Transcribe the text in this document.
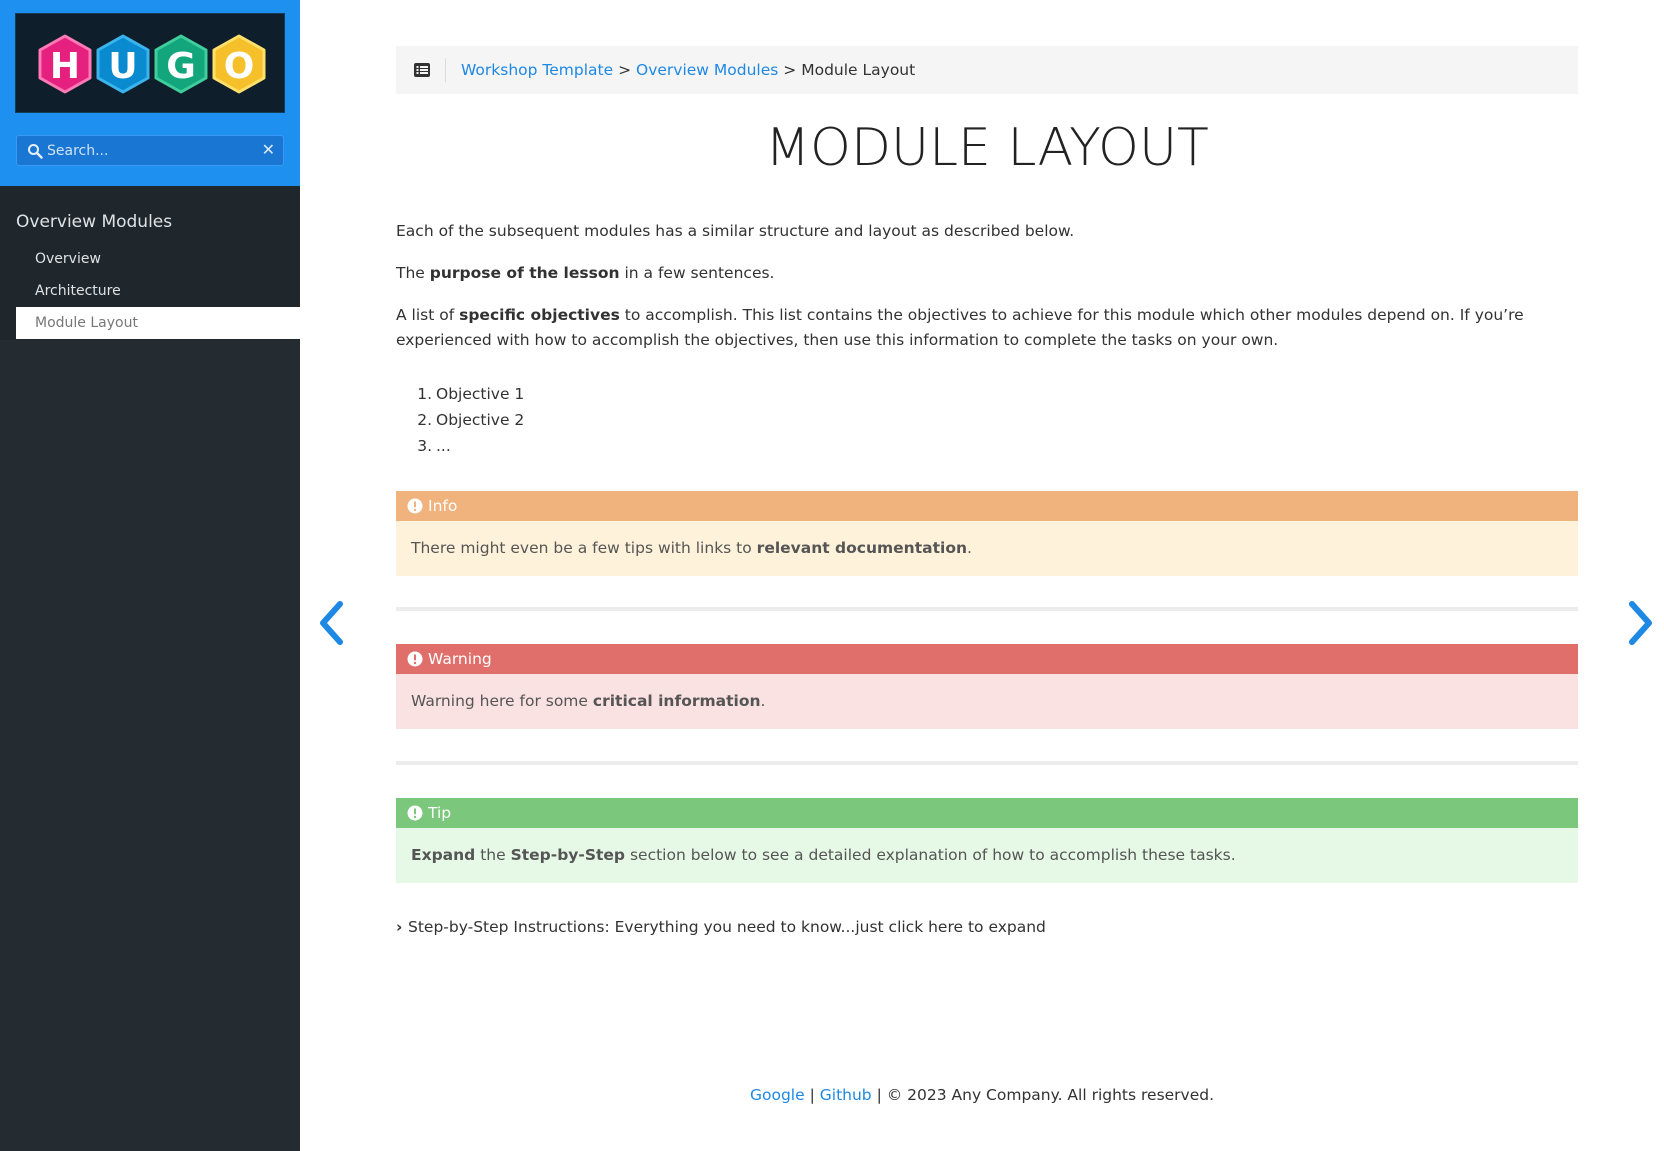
H U G O
Search...
✕
Overview Modules
Overview
Architecture
Module Layout
Workshop Template > Overview Modules > Module Layout
MODULE LAYOUT

Each of the subsequent modules has a similar structure and layout as described below.

The purpose of the lesson in a few sentences.

A list of specific objectives to accomplish. This list contains the objectives to achieve for this module which other modules depend on. If you’re experienced with how to accomplish the objectives, then use this information to complete the tasks on your own.

1. Objective 1
2. Objective 2
3. ...
Info
There might even be a few tips with links to relevant documentation.
Warning
Warning here for some critical information.
Tip
Expand the Step-by-Step section below to see a detailed explanation of how to accomplish these tasks.
› Step-by-Step Instructions: Everything you need to know...just click here to expand
Google | Github | © 2023 Any Company. All rights reserved.
